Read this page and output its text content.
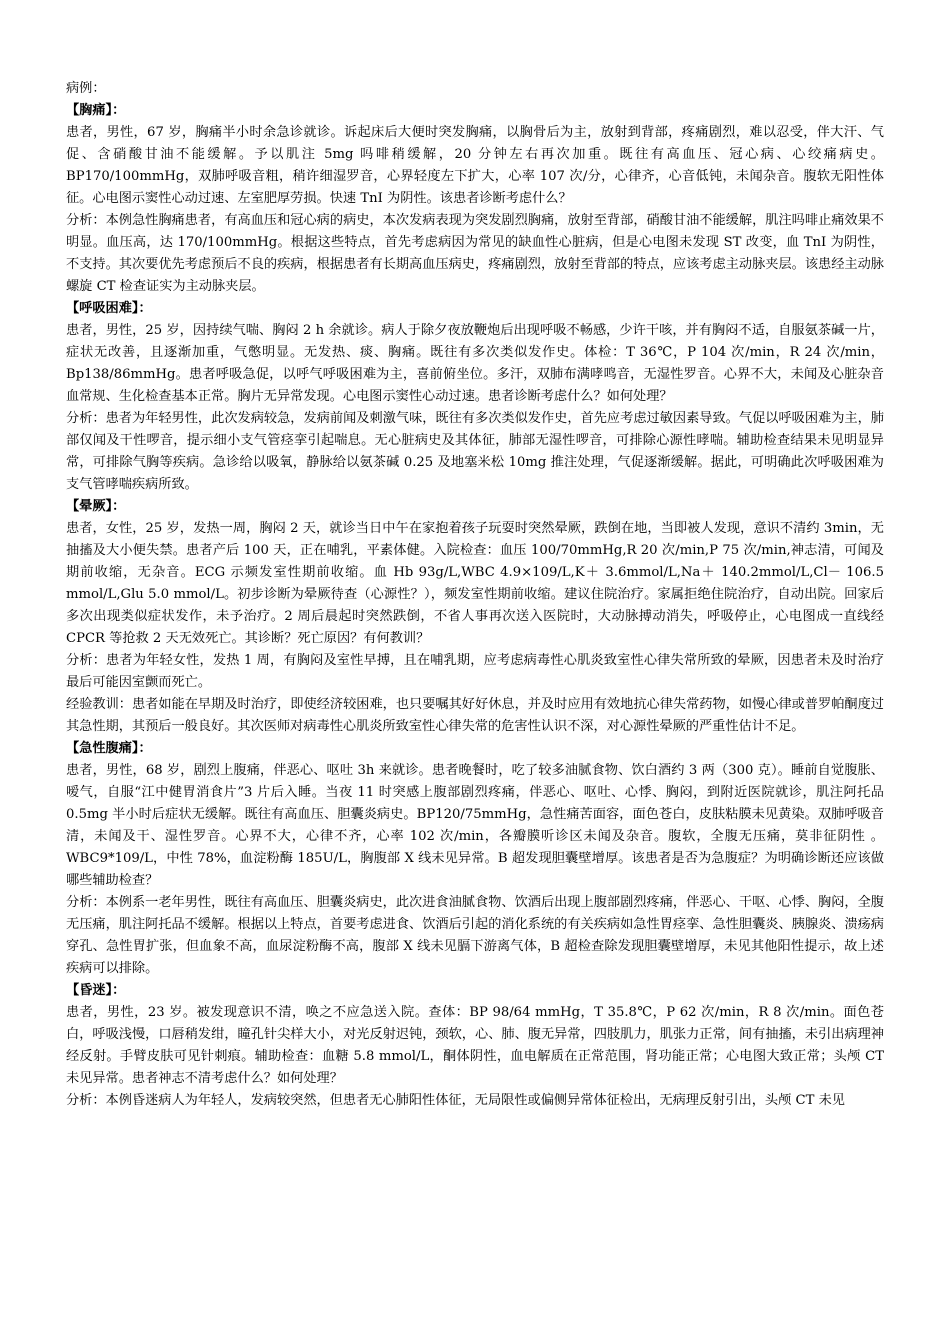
病例：

【胸痛】：

患者，男性，67 岁，胸痛半小时余急诊就诊。诉起床后大便时突发胸痛，以胸骨后为主，放射到背部，疼痛剧烈，难以忍受，伴大汗、气促、含硝酸甘油不能缓解。予以肌注 5mg 吗啡稍缓解，20 分钟左右再次加重。既往有高血压、冠心病、心绞痛病史。BP170/100mmHg，双肺呼吸音粗，稍许细湿罗音，心界轻度左下扩大，心率 107 次/分，心律齐，心音低钝，未闻杂音。腹软无阳性体征。心电图示窦性心动过速、左室肥厚劳损。快速 TnI 为阴性。该患者诊断考虑什么？

分析：本例急性胸痛患者，有高血压和冠心病的病史，本次发病表现为突发剧烈胸痛，放射至背部，硝酸甘油不能缓解，肌注吗啡止痛效果不明显。血压高，达 170/100mmHg。根据这些特点，首先考虑病因为常见的缺血性心脏病，但是心电图未发现 ST 改变，血 TnI 为阴性，不支持。其次要优先考虑预后不良的疾病，根据患者有长期高血压病史，疼痛剧烈，放射至背部的特点，应该考虑主动脉夹层。该患经主动脉螺旋 CT 检查证实为主动脉夹层。

【呼吸困难】：

患者，男性，25 岁，因持续气喘、胸闷 2 h 余就诊。病人于除夕夜放鞭炮后出现呼吸不畅感，少许干咳，并有胸闷不适，自服氨茶碱一片，症状无改善，且逐渐加重，气憋明显。无发热、痰、胸痛。既往有多次类似发作史。体检：T 36℃，P 104 次/min，R 24 次/min，Bp138/86mmHg。患者呼吸急促，以呼气呼吸困难为主，喜前俯坐位。多汗，双肺布满哮鸣音，无湿性罗音。心界不大，未闻及心脏杂音血常规、生化检查基本正常。胸片无异常发现。心电图示窦性心动过速。患者诊断考虑什么？如何处理？

分析：患者为年轻男性，此次发病较急，发病前闻及刺激气味，既往有多次类似发作史，首先应考虑过敏因素导致。气促以呼吸困难为主，肺部仅闻及干性啰音，提示细小支气管痉挛引起喘息。无心脏病史及其体征，肺部无湿性啰音，可排除心源性哮喘。辅助检查结果未见明显异常，可排除气胸等疾病。急诊给以吸氧，静脉给以氨茶碱 0.25 及地塞米松 10mg 推注处理，气促逐渐缓解。据此，可明确此次呼吸困难为支气管哮喘疾病所致。

【晕厥】：

患者，女性，25 岁，发热一周，胸闷 2 天，就诊当日中午在家抱着孩子玩耍时突然晕厥，跌倒在地，当即被人发现，意识不清约 3min，无抽搐及大小便失禁。患者产后 100 天，正在哺乳，平素体健。入院检查：血压 100/70mmHg,R 20 次/min,P 75 次/min,神志清，可闻及期前收缩，无杂音。ECG 示频发室性期前收缩。血 Hb 93g/L,WBC 4.9×109/L,K＋ 3.6mmol/L,Na＋ 140.2mmol/L,Cl－ 106.5 mmol/L,Glu 5.0 mmol/L。初步诊断为晕厥待查（心源性？），频发室性期前收缩。建议住院治疗。家属拒绝住院治疗，自动出院。回家后多次出现类似症状发作，未予治疗。2 周后晨起时突然跌倒，不省人事再次送入医院时，大动脉搏动消失，呼吸停止，心电图成一直线经 CPCR 等抢救 2 天无效死亡。其诊断？死亡原因？有何教训？

分析：患者为年轻女性，发热 1 周，有胸闷及室性早搏，且在哺乳期，应考虑病毒性心肌炎致室性心律失常所致的晕厥，因患者未及时治疗最后可能因室颤而死亡。

经验教训：患者如能在早期及时治疗，即使经济较困难，也只要嘱其好好休息，并及时应用有效地抗心律失常药物，如慢心律或普罗帕酮度过其急性期，其预后一般良好。其次医师对病毒性心肌炎所致室性心律失常的危害性认识不深，对心源性晕厥的严重性估计不足。

【急性腹痛】：

患者，男性，68 岁，剧烈上腹痛，伴恶心、呕吐 3h 来就诊。患者晚餐时，吃了较多油腻食物、饮白酒约 3 两（300 克）。睡前自觉腹胀、嗳气，自服“江中健胃消食片”3 片后入睡。当夜 11 时突感上腹部剧烈疼痛，伴恶心、呕吐、心悸、胸闷，到附近医院就诊，肌注阿托品 0.5mg 半小时后症状无缓解。既往有高血压、胆囊炎病史。BP120/75mmHg，急性痛苦面容，面色苍白，皮肤粘膜未见黄染。双肺呼吸音清，未闻及干、湿性罗音。心界不大，心律不齐，心率 102 次/min，各瓣膜听诊区未闻及杂音。腹软，全腹无压痛，莫非征阴性 。WBC9*109/L，中性 78%，血淀粉酶 185U/L，胸腹部 X 线未见异常。B 超发现胆囊壁增厚。该患者是否为急腹症？为明确诊断还应该做哪些辅助检查？

分析：本例系一老年男性，既往有高血压、胆囊炎病史，此次进食油腻食物、饮酒后出现上腹部剧烈疼痛，伴恶心、干呕、心悸、胸闷，全腹无压痛，肌注阿托品不缓解。根据以上特点，首要考虑进食、饮酒后引起的消化系统的有关疾病如急性胃痉挛、急性胆囊炎、胰腺炎、溃疡病穿孔、急性胃扩张，但血象不高，血尿淀粉酶不高，腹部 X 线未见膈下游离气体，B 超检查除发现胆囊壁增厚，未见其他阳性提示，故上述疾病可以排除。

【昏迷】：

患者，男性，23 岁。被发现意识不清，唤之不应急送入院。查体：BP 98/64 mmHg，T 35.8℃，P 62 次/min，R 8 次/min。面色苍白，呼吸浅慢，口唇稍发绀，瞳孔针尖样大小，对光反射迟钝，颈软，心、肺、腹无异常，四肢肌力，肌张力正常，间有抽搐，未引出病理神经反射。手臂皮肤可见针刺痕。辅助检查：血糖 5.8 mmol/L，酮体阴性，血电解质在正常范围，肾功能正常；心电图大致正常；头颅 CT 未见异常。患者神志不清考虑什么？如何处理？

分析：本例昏迷病人为年轻人，发病较突然，但患者无心肺阳性体征，无局限性或偏侧异常体征检出，无病理反射引出，头颅 CT 未见
